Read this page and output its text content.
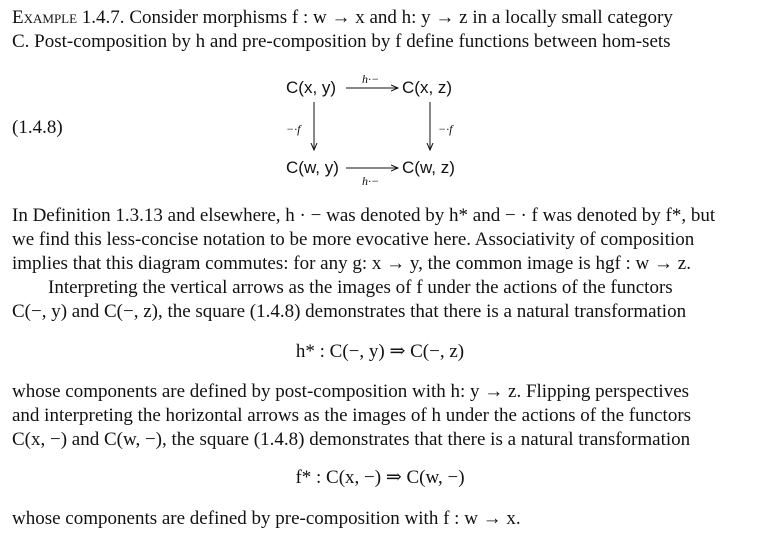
Example 1.4.7. Consider morphisms f : w → x and h: y → z in a locally small category
C. Post-composition by h and pre-composition by f define functions between hom-sets
(1.4.8)
C(x, y)	C(x, z)
C(w, y)	C(w, z)
h·−
h·−
−·f	−·f
In Definition 1.3.13 and elsewhere, h · − was denoted by h* and − · f was denoted by f*, but
we find this less-concise notation to be more evocative here. Associativity of composition
implies that this diagram commutes: for any g: x → y, the common image is hgf : w → z.
Interpreting the vertical arrows as the images of f under the actions of the functors
C(−, y) and C(−, z), the square (1.4.8) demonstrates that there is a natural transformation
h* : C(−, y) ⇒ C(−, z)
whose components are defined by post-composition with h: y → z. Flipping perspectives
and interpreting the horizontal arrows as the images of h under the actions of the functors
C(x, −) and C(w, −), the square (1.4.8) demonstrates that there is a natural transformation
f* : C(x, −) ⇒ C(w, −)
whose components are defined by pre-composition with f : w → x.
